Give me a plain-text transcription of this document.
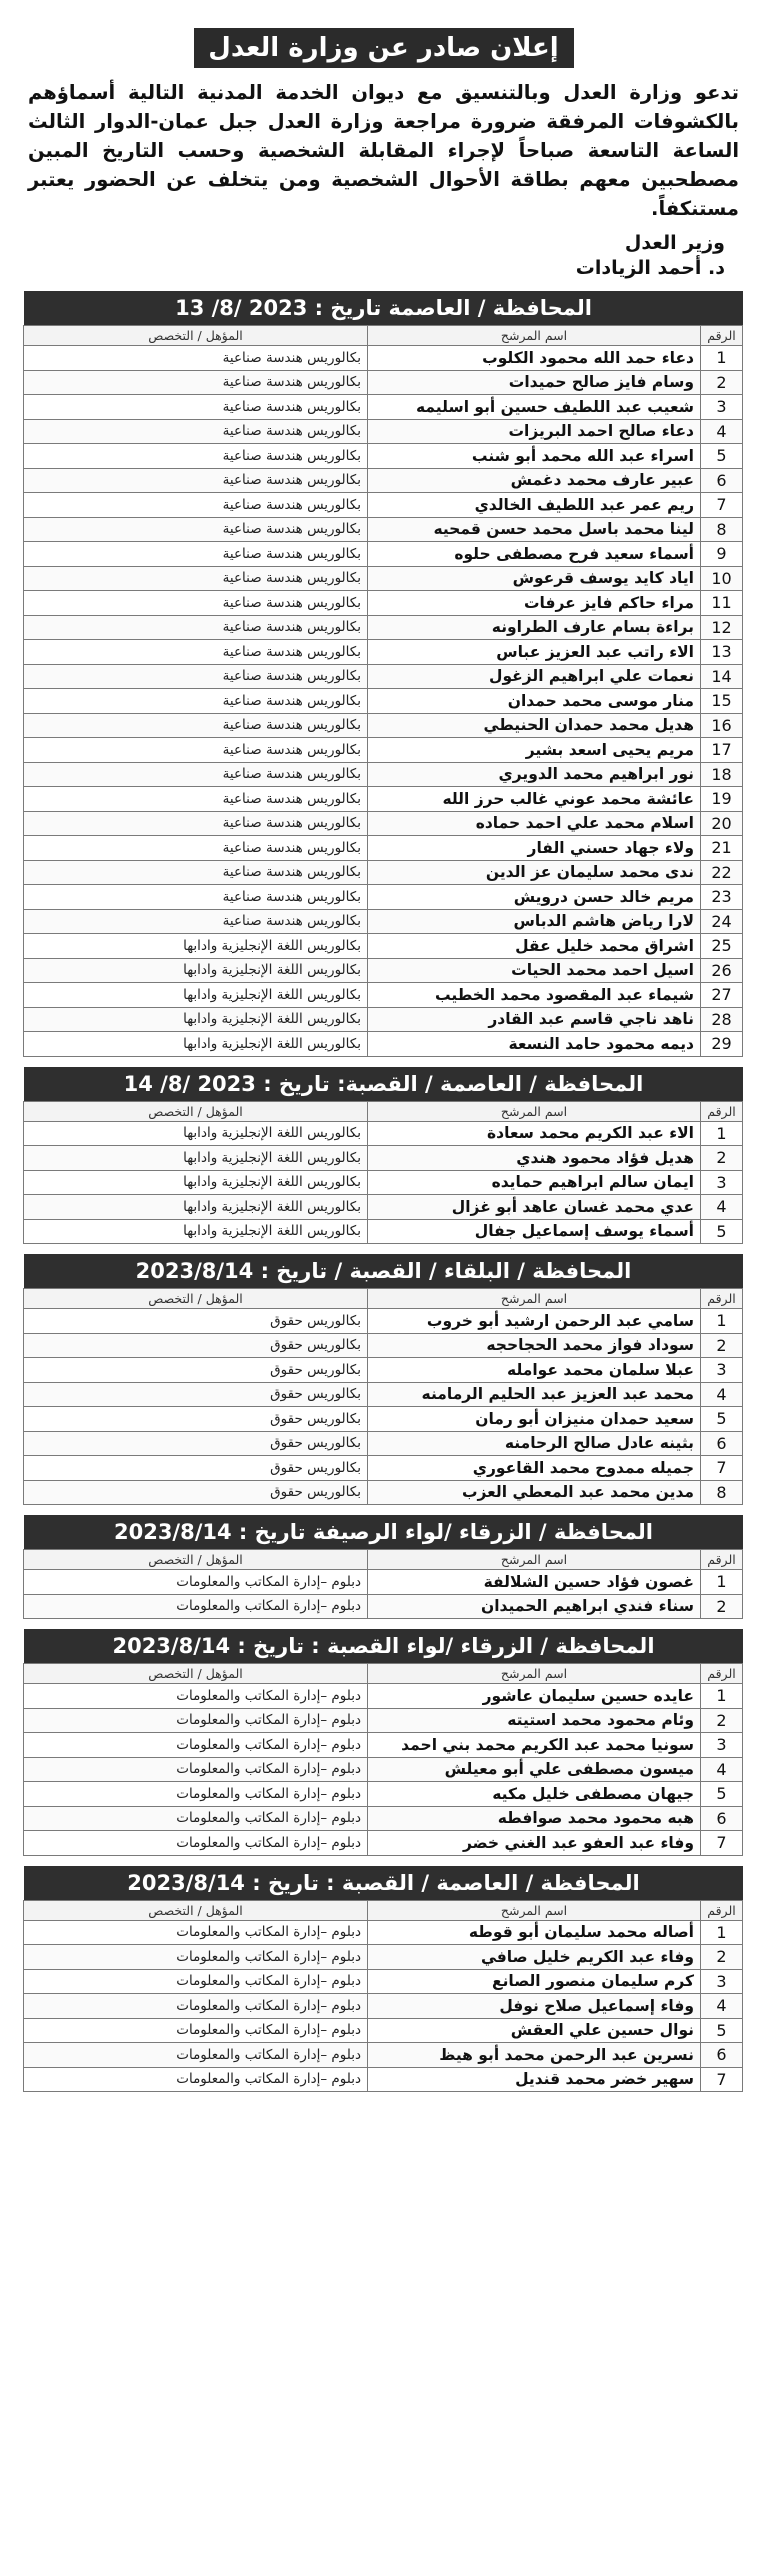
إعلان صادر عن وزارة العدل

تدعو وزارة العدل وبالتنسيق مع ديوان الخدمة المدنية التالية أسماؤهم بالكشوفات المرفقة ضرورة مراجعة وزارة العدل جبل عمان-الدوار الثالث الساعة التاسعة صباحاً لإجراء المقابلة الشخصية وحسب التاريخ المبين مصطحبين معهم بطاقة الأحوال الشخصية ومن يتخلف عن الحضور يعتبر مستنكفاً.

وزير العدل
د. أحمد الزيادات
المحافظة / العاصمة تاريخ : 13 /8/ 2023
الرقم	اسم المرشح	المؤهل / التخصص
1	دعاء حمد الله محمود الكلوب	بكالوريس هندسة صناعية
2	وسام فايز صالح حميدات	بكالوريس هندسة صناعية
3	شعيب عبد اللطيف حسين أبو اسليمه	بكالوريس هندسة صناعية
4	دعاء صالح احمد البريزات	بكالوريس هندسة صناعية
5	اسراء عبد الله محمد أبو شنب	بكالوريس هندسة صناعية
6	عبير عارف محمد دغمش	بكالوريس هندسة صناعية
7	ريم عمر عبد اللطيف الخالدي	بكالوريس هندسة صناعية
8	لينا محمد باسل محمد حسن قمحيه	بكالوريس هندسة صناعية
9	أسماء سعيد فرح مصطفى حلوه	بكالوريس هندسة صناعية
10	اياد كايد يوسف قرعوش	بكالوريس هندسة صناعية
11	مراء حاكم فايز عرفات	بكالوريس هندسة صناعية
12	براءة بسام عارف الطراونه	بكالوريس هندسة صناعية
13	الاء راتب عبد العزيز عباس	بكالوريس هندسة صناعية
14	نعمات علي ابراهيم الزغول	بكالوريس هندسة صناعية
15	منار موسى محمد حمدان	بكالوريس هندسة صناعية
16	هديل محمد حمدان الحنيطي	بكالوريس هندسة صناعية
17	مريم يحيى اسعد بشير	بكالوريس هندسة صناعية
18	نور ابراهيم محمد الدويري	بكالوريس هندسة صناعية
19	عائشة محمد عوني غالب حرز الله	بكالوريس هندسة صناعية
20	اسلام محمد علي احمد حماده	بكالوريس هندسة صناعية
21	ولاء جهاد حسني الفار	بكالوريس هندسة صناعية
22	ندى محمد سليمان عز الدين	بكالوريس هندسة صناعية
23	مريم خالد حسن درويش	بكالوريس هندسة صناعية
24	لارا رياض هاشم الدباس	بكالوريس هندسة صناعية
25	اشراق محمد خليل عقل	بكالوريس اللغة الإنجليزية وادابها
26	اسيل احمد محمد الحيات	بكالوريس اللغة الإنجليزية وادابها
27	شيماء عبد المقصود محمد الخطيب	بكالوريس اللغة الإنجليزية وادابها
28	ناهد ناجي قاسم عبد القادر	بكالوريس اللغة الإنجليزية وادابها
29	ديمه محمود حامد النسعة	بكالوريس اللغة الإنجليزية وادابها
المحافظة / العاصمة / القصبة: تاريخ : 14 /8/ 2023
الرقم	اسم المرشح	المؤهل / التخصص
1	الاء عبد الكريم محمد سعادة	بكالوريس اللغة الإنجليزية وادابها
2	هديل فؤاد محمود هندي	بكالوريس اللغة الإنجليزية وادابها
3	ايمان سالم ابراهيم حمايده	بكالوريس اللغة الإنجليزية وادابها
4	عدي محمد غسان عاهد أبو غزال	بكالوريس اللغة الإنجليزية وادابها
5	أسماء يوسف إسماعيل جفال	بكالوريس اللغة الإنجليزية وادابها
المحافظة / البلقاء / القصبة / تاريخ : 2023/8/14
الرقم	اسم المرشح	المؤهل / التخصص
1	سامي عبد الرحمن ارشيد أبو خروب	بكالوريس حقوق
2	سوداد فواز محمد الحجاحجه	بكالوريس حقوق
3	عبلا سلمان محمد عوامله	بكالوريس حقوق
4	محمد عبد العزيز عبد الحليم الرمامنه	بكالوريس حقوق
5	سعيد حمدان منيزان أبو رمان	بكالوريس حقوق
6	بثينه عادل صالح الرحامنه	بكالوريس حقوق
7	جميله ممدوح محمد القاعوري	بكالوريس حقوق
8	مدين محمد عبد المعطي العزب	بكالوريس حقوق
المحافظة / الزرقاء /لواء الرصيفة تاريخ : 2023/8/14
الرقم	اسم المرشح	المؤهل / التخصص
1	غصون فؤاد حسين الشلالفة	دبلوم –إدارة المكاتب والمعلومات
2	سناء فندي ابراهيم الحميدان	دبلوم –إدارة المكاتب والمعلومات
المحافظة / الزرقاء /لواء القصبة : تاريخ : 2023/8/14
الرقم	اسم المرشح	المؤهل / التخصص
1	عايده حسين سليمان عاشور	دبلوم –إدارة المكاتب والمعلومات
2	وئام محمود محمد استيته	دبلوم –إدارة المكاتب والمعلومات
3	سونيا محمد عبد الكريم محمد بني احمد	دبلوم –إدارة المكاتب والمعلومات
4	ميسون مصطفى علي أبو معيلش	دبلوم –إدارة المكاتب والمعلومات
5	جيهان مصطفى خليل مكيه	دبلوم –إدارة المكاتب والمعلومات
6	هبه محمود محمد صوافطه	دبلوم –إدارة المكاتب والمعلومات
7	وفاء عبد العفو عبد الغني خضر	دبلوم –إدارة المكاتب والمعلومات
المحافظة / العاصمة / القصبة : تاريخ : 2023/8/14
الرقم	اسم المرشح	المؤهل / التخصص
1	أصاله محمد سليمان أبو قوطه	دبلوم –إدارة المكاتب والمعلومات
2	وفاء عبد الكريم خليل صافي	دبلوم –إدارة المكاتب والمعلومات
3	كرم سليمان منصور الصانع	دبلوم –إدارة المكاتب والمعلومات
4	وفاء إسماعيل صلاح نوفل	دبلوم –إدارة المكاتب والمعلومات
5	نوال حسين علي العقش	دبلوم –إدارة المكاتب والمعلومات
6	نسرين عبد الرحمن محمد أبو هيظ	دبلوم –إدارة المكاتب والمعلومات
7	سهير خضر محمد قنديل	دبلوم –إدارة المكاتب والمعلومات
